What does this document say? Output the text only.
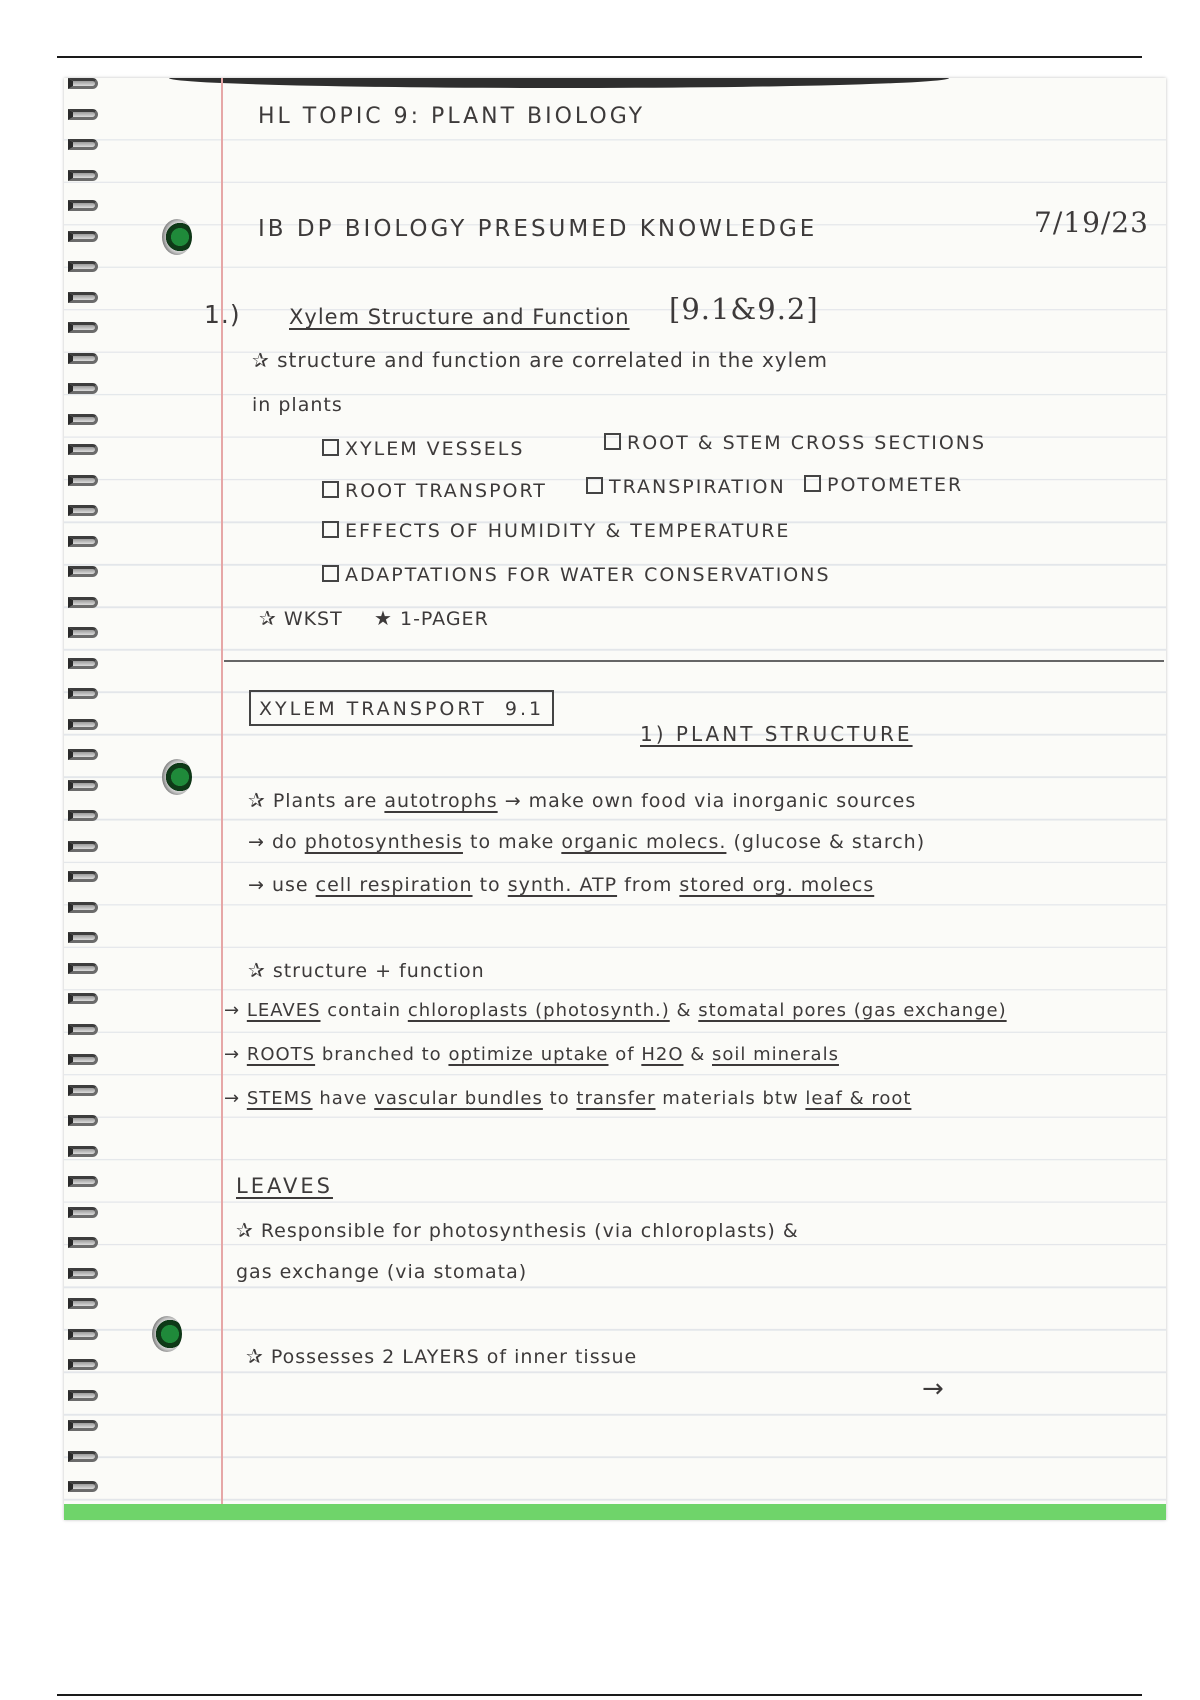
HL TOPIC 9: PLANT BIOLOGY
IB DP BIOLOGY PRESUMED KNOWLEDGE	7/19/23
1.) Xylem Structure and Function [9.1&9.2]
✰ structure and function are correlated in the xylem
in plants
XYLEM VESSELS	ROOT & STEM CROSS SECTIONS
ROOT TRANSPORT	TRANSPIRATION	POTOMETER
EFFECTS OF HUMIDITY & TEMPERATURE
ADAPTATIONS FOR WATER CONSERVATIONS
✰ WKST ★ 1-PAGER
XYLEM TRANSPORT 9.1
1) PLANT STRUCTURE
✰ Plants are autotrophs → make own food via inorganic sources
→ do photosynthesis to make organic molecs. (glucose & starch)
→ use cell respiration to synth. ATP from stored org. molecs
✰ structure + function
→ LEAVES contain chloroplasts (photosynth.) & stomatal pores (gas exchange)
→ ROOTS branched to optimize uptake of H2O & soil minerals
→ STEMS have vascular bundles to transfer materials btw leaf & root
LEAVES
✰ Responsible for photosynthesis (via chloroplasts) &
gas exchange (via stomata)
✰ Possesses 2 LAYERS of inner tissue
→
